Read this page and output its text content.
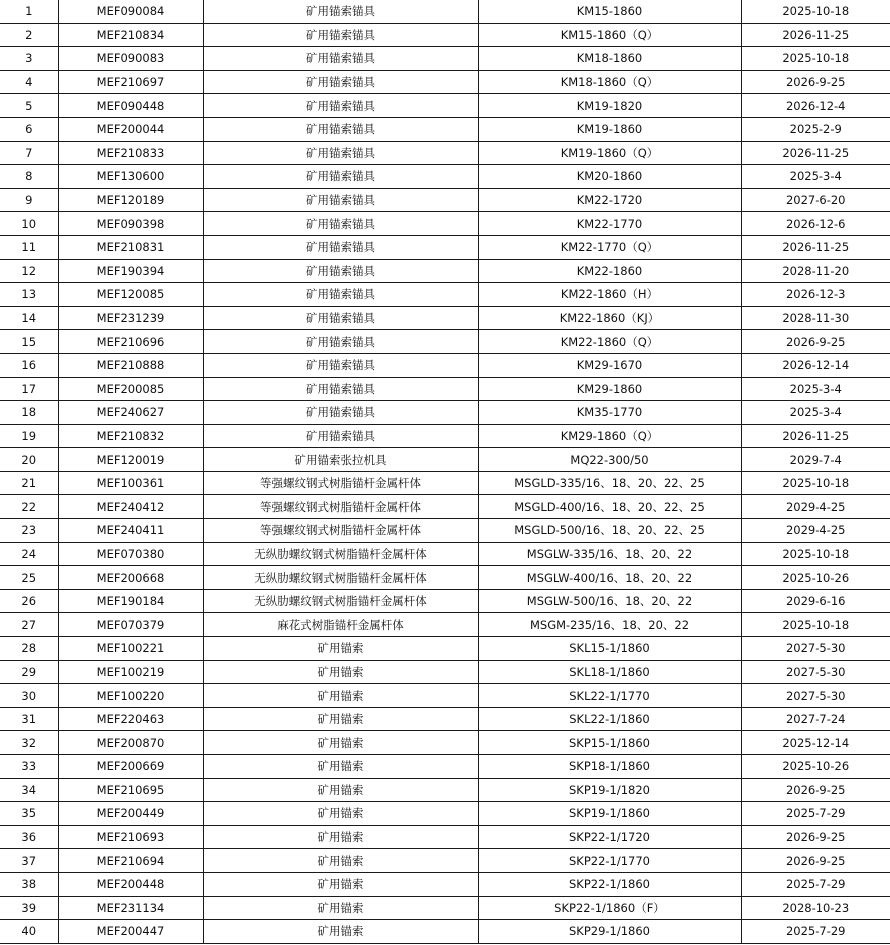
1	MEF090084	矿用锚索锚具	KM15-1860	2025-10-18
2	MEF210834	矿用锚索锚具	KM15-1860（Q）	2026-11-25
3	MEF090083	矿用锚索锚具	KM18-1860	2025-10-18
4	MEF210697	矿用锚索锚具	KM18-1860（Q）	2026-9-25
5	MEF090448	矿用锚索锚具	KM19-1820	2026-12-4
6	MEF200044	矿用锚索锚具	KM19-1860	2025-2-9
7	MEF210833	矿用锚索锚具	KM19-1860（Q）	2026-11-25
8	MEF130600	矿用锚索锚具	KM20-1860	2025-3-4
9	MEF120189	矿用锚索锚具	KM22-1720	2027-6-20
10	MEF090398	矿用锚索锚具	KM22-1770	2026-12-6
11	MEF210831	矿用锚索锚具	KM22-1770（Q）	2026-11-25
12	MEF190394	矿用锚索锚具	KM22-1860	2028-11-20
13	MEF120085	矿用锚索锚具	KM22-1860（H）	2026-12-3
14	MEF231239	矿用锚索锚具	KM22-1860（KJ）	2028-11-30
15	MEF210696	矿用锚索锚具	KM22-1860（Q）	2026-9-25
16	MEF210888	矿用锚索锚具	KM29-1670	2026-12-14
17	MEF200085	矿用锚索锚具	KM29-1860	2025-3-4
18	MEF240627	矿用锚索锚具	KM35-1770	2025-3-4
19	MEF210832	矿用锚索锚具	KM29-1860（Q）	2026-11-25
20	MEF120019	矿用锚索张拉机具	MQ22-300/50	2029-7-4
21	MEF100361	等强螺纹钢式树脂锚杆金属杆体	MSGLD-335/16、18、20、22、25	2025-10-18
22	MEF240412	等强螺纹钢式树脂锚杆金属杆体	MSGLD-400/16、18、20、22、25	2029-4-25
23	MEF240411	等强螺纹钢式树脂锚杆金属杆体	MSGLD-500/16、18、20、22、25	2029-4-25
24	MEF070380	无纵肋螺纹钢式树脂锚杆金属杆体	MSGLW-335/16、18、20、22	2025-10-18
25	MEF200668	无纵肋螺纹钢式树脂锚杆金属杆体	MSGLW-400/16、18、20、22	2025-10-26
26	MEF190184	无纵肋螺纹钢式树脂锚杆金属杆体	MSGLW-500/16、18、20、22	2029-6-16
27	MEF070379	麻花式树脂锚杆金属杆体	MSGM-235/16、18、20、22	2025-10-18
28	MEF100221	矿用锚索	SKL15-1/1860	2027-5-30
29	MEF100219	矿用锚索	SKL18-1/1860	2027-5-30
30	MEF100220	矿用锚索	SKL22-1/1770	2027-5-30
31	MEF220463	矿用锚索	SKL22-1/1860	2027-7-24
32	MEF200870	矿用锚索	SKP15-1/1860	2025-12-14
33	MEF200669	矿用锚索	SKP18-1/1860	2025-10-26
34	MEF210695	矿用锚索	SKP19-1/1820	2026-9-25
35	MEF200449	矿用锚索	SKP19-1/1860	2025-7-29
36	MEF210693	矿用锚索	SKP22-1/1720	2026-9-25
37	MEF210694	矿用锚索	SKP22-1/1770	2026-9-25
38	MEF200448	矿用锚索	SKP22-1/1860	2025-7-29
39	MEF231134	矿用锚索	SKP22-1/1860（F）	2028-10-23
40	MEF200447	矿用锚索	SKP29-1/1860	2025-7-29
